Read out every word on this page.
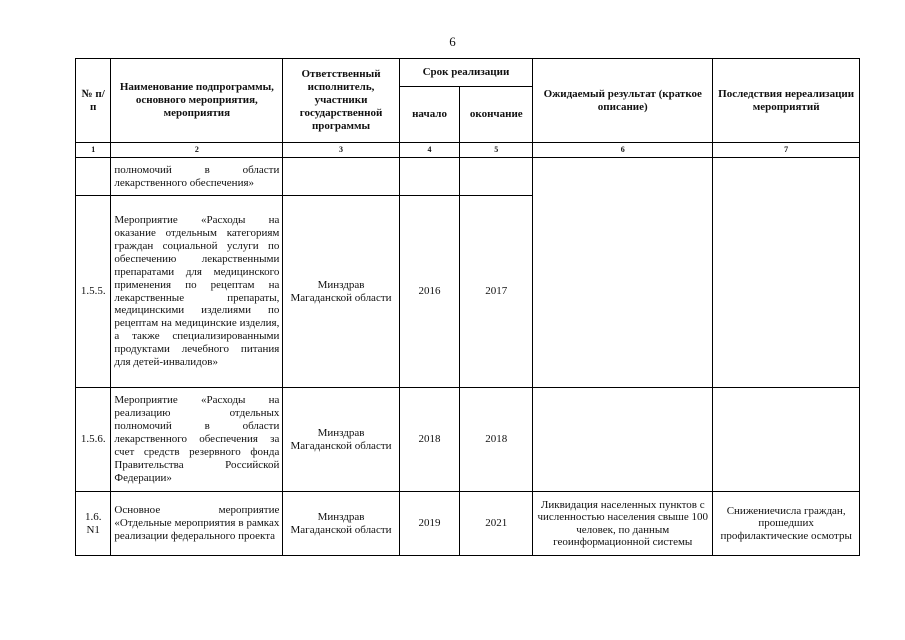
6
№ п/п	Наименование подпрограммы, основного мероприятия, мероприятия	Ответственный исполнитель, участники государственной программы	Срок реализации		Ожидаемый результат (краткое описание)	Последствия нереализации мероприятий
			начало	окончание		
1	2	3	4	5	6	7
	полномочий в области лекарственного обеспечения»					
1.5.5.	Мероприятие «Расходы на оказание отдельным категориям граждан социальной услуги по обеспечению лекарственными препаратами для медицинского применения по рецептам на лекарственные препараты, медицинскими изделиями по рецептам на медицинские изделия, а также специализированными продуктами лечебного питания для детей-инвалидов»	Минздрав Магаданской области	2016	2017		
1.5.6.	Мероприятие «Расходы на реализацию отдельных полномочий в области лекарственного обеспечения за счет средств резервного фонда Правительства Российской Федерации»	Минздрав Магаданской области	2018	2018		
1.6. N1	Основное мероприятие «Отдельные мероприятия в рамках реализации федерального проекта	Минздрав Магаданской области	2019	2021	Ликвидация населенных пунктов с численностью населения свыше 100 человек, по данным геоинформационной системы	Снижениечисла граждан, прошедших профилактические осмотры
